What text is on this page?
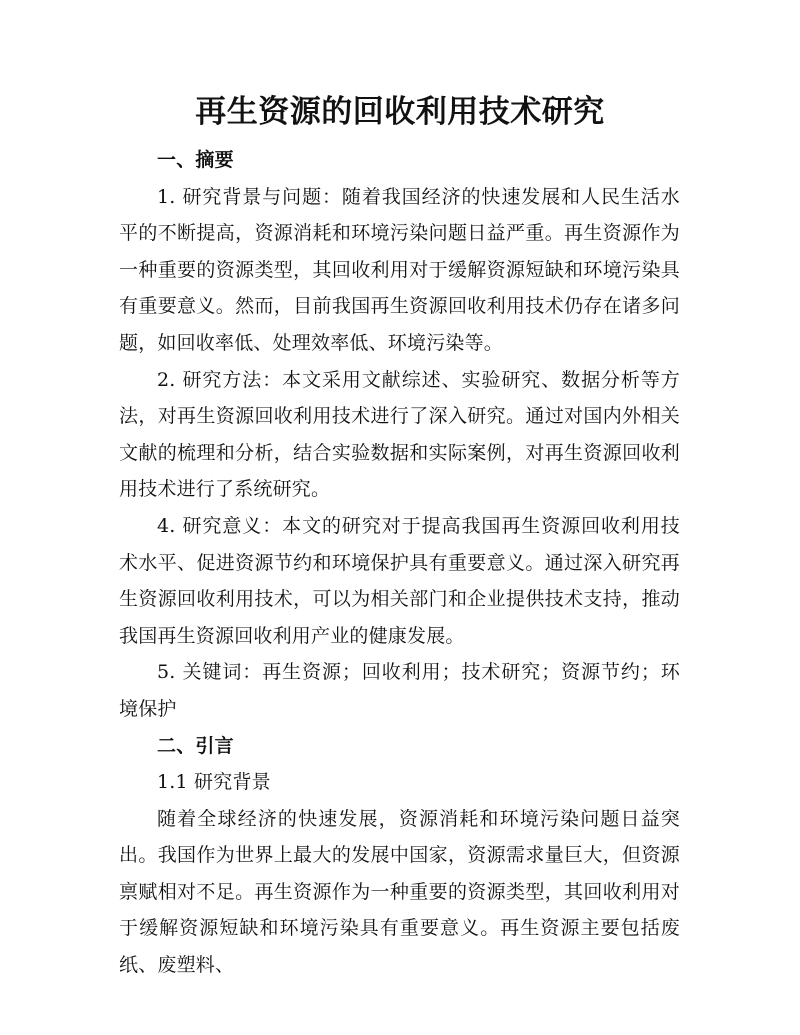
再生资源的回收利用技术研究
一、摘要

1. 研究背景与问题：随着我国经济的快速发展和人民生活水平的不断提高，资源消耗和环境污染问题日益严重。再生资源作为一种重要的资源类型，其回收利用对于缓解资源短缺和环境污染具有重要意义。然而，目前我国再生资源回收利用技术仍存在诸多问题，如回收率低、处理效率低、环境污染等。

2. 研究方法：本文采用文献综述、实验研究、数据分析等方法，对再生资源回收利用技术进行了深入研究。通过对国内外相关文献的梳理和分析，结合实验数据和实际案例，对再生资源回收利用技术进行了系统研究。

4. 研究意义：本文的研究对于提高我国再生资源回收利用技术水平、促进资源节约和环境保护具有重要意义。通过深入研究再生资源回收利用技术，可以为相关部门和企业提供技术支持，推动我国再生资源回收利用产业的健康发展。

5. 关键词：再生资源；回收利用；技术研究；资源节约；环境保护

二、引言

1.1 研究背景

随着全球经济的快速发展，资源消耗和环境污染问题日益突出。我国作为世界上最大的发展中国家，资源需求量巨大，但资源禀赋相对不足。再生资源作为一种重要的资源类型，其回收利用对于缓解资源短缺和环境污染具有重要意义。再生资源主要包括废纸、废塑料、
